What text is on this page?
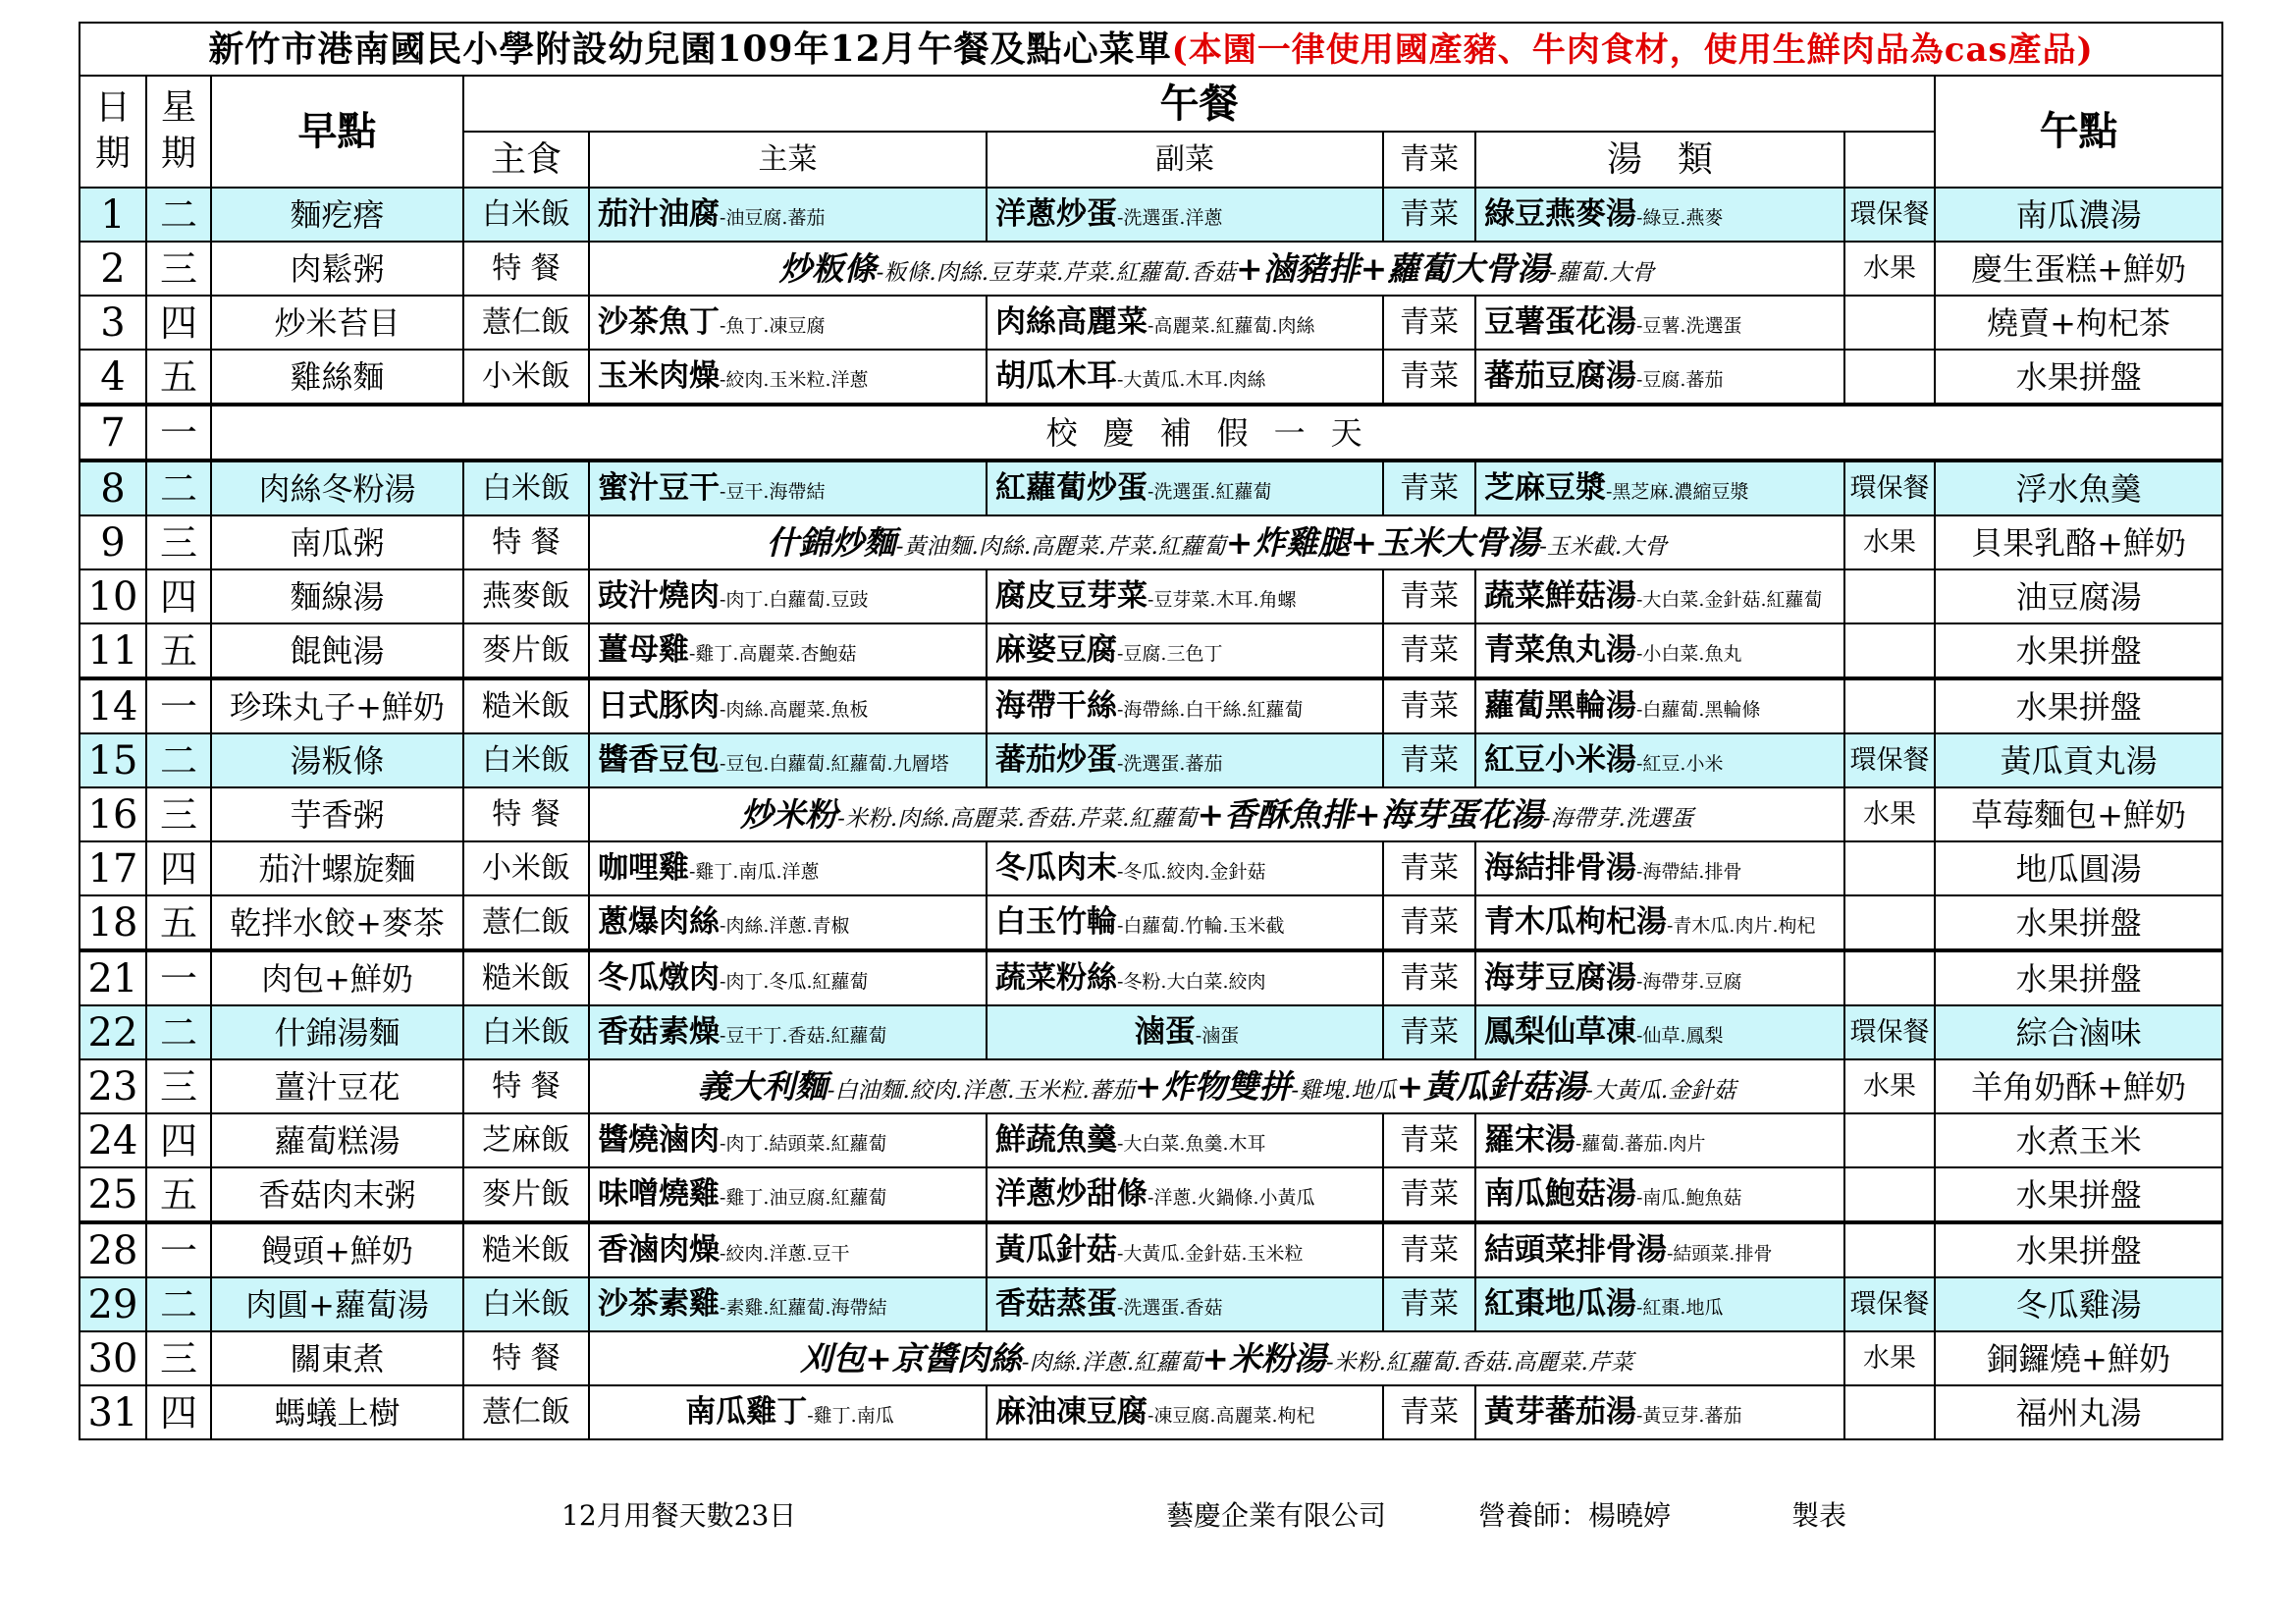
新竹市港南國民小學附設幼兒園109年12月午餐及點心菜單(本園一律使用國產豬、牛肉食材，使用生鮮肉品為cas產品)									
日期	星期	早點	午餐						午點
			主食	主菜	副菜	青菜	湯　類		
1	二	麵疙瘩	白米飯	茄汁油腐-油豆腐.蕃茄	洋蔥炒蛋-洗選蛋.洋蔥	青菜	綠豆燕麥湯-綠豆.燕麥	環保餐	南瓜濃湯
2	三	肉鬆粥	特 餐	炒粄條-粄條.肉絲.豆芽菜.芹菜.紅蘿蔔.香菇+滷豬排+蘿蔔大骨湯-蘿蔔.大骨				水果	慶生蛋糕+鮮奶
3	四	炒米苔目	薏仁飯	沙茶魚丁-魚丁.凍豆腐	肉絲高麗菜-高麗菜.紅蘿蔔.肉絲	青菜	豆薯蛋花湯-豆薯.洗選蛋		燒賣+枸杞茶
4	五	雞絲麵	小米飯	玉米肉燥-絞肉.玉米粒.洋蔥	胡瓜木耳-大黃瓜.木耳.肉絲	青菜	蕃茄豆腐湯-豆腐.蕃茄		水果拼盤
7	一	校慶補假一天							
8	二	肉絲冬粉湯	白米飯	蜜汁豆干-豆干.海帶結	紅蘿蔔炒蛋-洗選蛋.紅蘿蔔	青菜	芝麻豆漿-黑芝麻.濃縮豆漿	環保餐	浮水魚羹
9	三	南瓜粥	特 餐	什錦炒麵-黃油麵.肉絲.高麗菜.芹菜.紅蘿蔔+炸雞腿+玉米大骨湯-玉米截.大骨				水果	貝果乳酪+鮮奶
10	四	麵線湯	燕麥飯	豉汁燒肉-肉丁.白蘿蔔.豆豉	腐皮豆芽菜-豆芽菜.木耳.角螺	青菜	蔬菜鮮菇湯-大白菜.金針菇.紅蘿蔔		油豆腐湯
11	五	餛飩湯	麥片飯	薑母雞-雞丁.高麗菜.杏鮑菇	麻婆豆腐-豆腐.三色丁	青菜	青菜魚丸湯-小白菜.魚丸		水果拼盤
14	一	珍珠丸子+鮮奶	糙米飯	日式豚肉-肉絲.高麗菜.魚板	海帶干絲-海帶絲.白干絲.紅蘿蔔	青菜	蘿蔔黑輪湯-白蘿蔔.黑輪條		水果拼盤
15	二	湯粄條	白米飯	醬香豆包-豆包.白蘿蔔.紅蘿蔔.九層塔	蕃茄炒蛋-洗選蛋.蕃茄	青菜	紅豆小米湯-紅豆.小米	環保餐	黃瓜貢丸湯
16	三	芋香粥	特 餐	炒米粉-米粉.肉絲.高麗菜.香菇.芹菜.紅蘿蔔+香酥魚排+海芽蛋花湯-海帶芽.洗選蛋				水果	草莓麵包+鮮奶
17	四	茄汁螺旋麵	小米飯	咖哩雞-雞丁.南瓜.洋蔥	冬瓜肉末-冬瓜.絞肉.金針菇	青菜	海結排骨湯-海帶結.排骨		地瓜圓湯
18	五	乾拌水餃+麥茶	薏仁飯	蔥爆肉絲-肉絲.洋蔥.青椒	白玉竹輪-白蘿蔔.竹輪.玉米截	青菜	青木瓜枸杞湯-青木瓜.肉片.枸杞		水果拼盤
21	一	肉包+鮮奶	糙米飯	冬瓜燉肉-肉丁.冬瓜.紅蘿蔔	蔬菜粉絲-冬粉.大白菜.絞肉	青菜	海芽豆腐湯-海帶芽.豆腐		水果拼盤
22	二	什錦湯麵	白米飯	香菇素燥-豆干丁.香菇.紅蘿蔔	滷蛋-滷蛋	青菜	鳳梨仙草凍-仙草.鳳梨	環保餐	綜合滷味
23	三	薑汁豆花	特 餐	義大利麵-白油麵.絞肉.洋蔥.玉米粒.蕃茄+炸物雙拼-雞塊.地瓜+黃瓜針菇湯-大黃瓜.金針菇				水果	羊角奶酥+鮮奶
24	四	蘿蔔糕湯	芝麻飯	醬燒滷肉-肉丁.結頭菜.紅蘿蔔	鮮蔬魚羹-大白菜.魚羹.木耳	青菜	羅宋湯-蘿蔔.蕃茄.肉片		水煮玉米
25	五	香菇肉末粥	麥片飯	味噌燒雞-雞丁.油豆腐.紅蘿蔔	洋蔥炒甜條-洋蔥.火鍋條.小黃瓜	青菜	南瓜鮑菇湯-南瓜.鮑魚菇		水果拼盤
28	一	饅頭+鮮奶	糙米飯	香滷肉燥-絞肉.洋蔥.豆干	黃瓜針菇-大黃瓜.金針菇.玉米粒	青菜	結頭菜排骨湯-結頭菜.排骨		水果拼盤
29	二	肉圓+蘿蔔湯	白米飯	沙茶素雞-素雞.紅蘿蔔.海帶結	香菇蒸蛋-洗選蛋.香菇	青菜	紅棗地瓜湯-紅棗.地瓜	環保餐	冬瓜雞湯
30	三	關東煮	特 餐	刈包+京醬肉絲-肉絲.洋蔥.紅蘿蔔+米粉湯-米粉.紅蘿蔔.香菇.高麗菜.芹菜				水果	銅鑼燒+鮮奶
31	四	螞蟻上樹	薏仁飯	南瓜雞丁-雞丁.南瓜	麻油凍豆腐-凍豆腐.高麗菜.枸杞	青菜	黃芽蕃茄湯-黃豆芽.蕃茄		福州丸湯
12月用餐天數23日	藝慶企業有限公司	營養師：楊曉婷	製表
